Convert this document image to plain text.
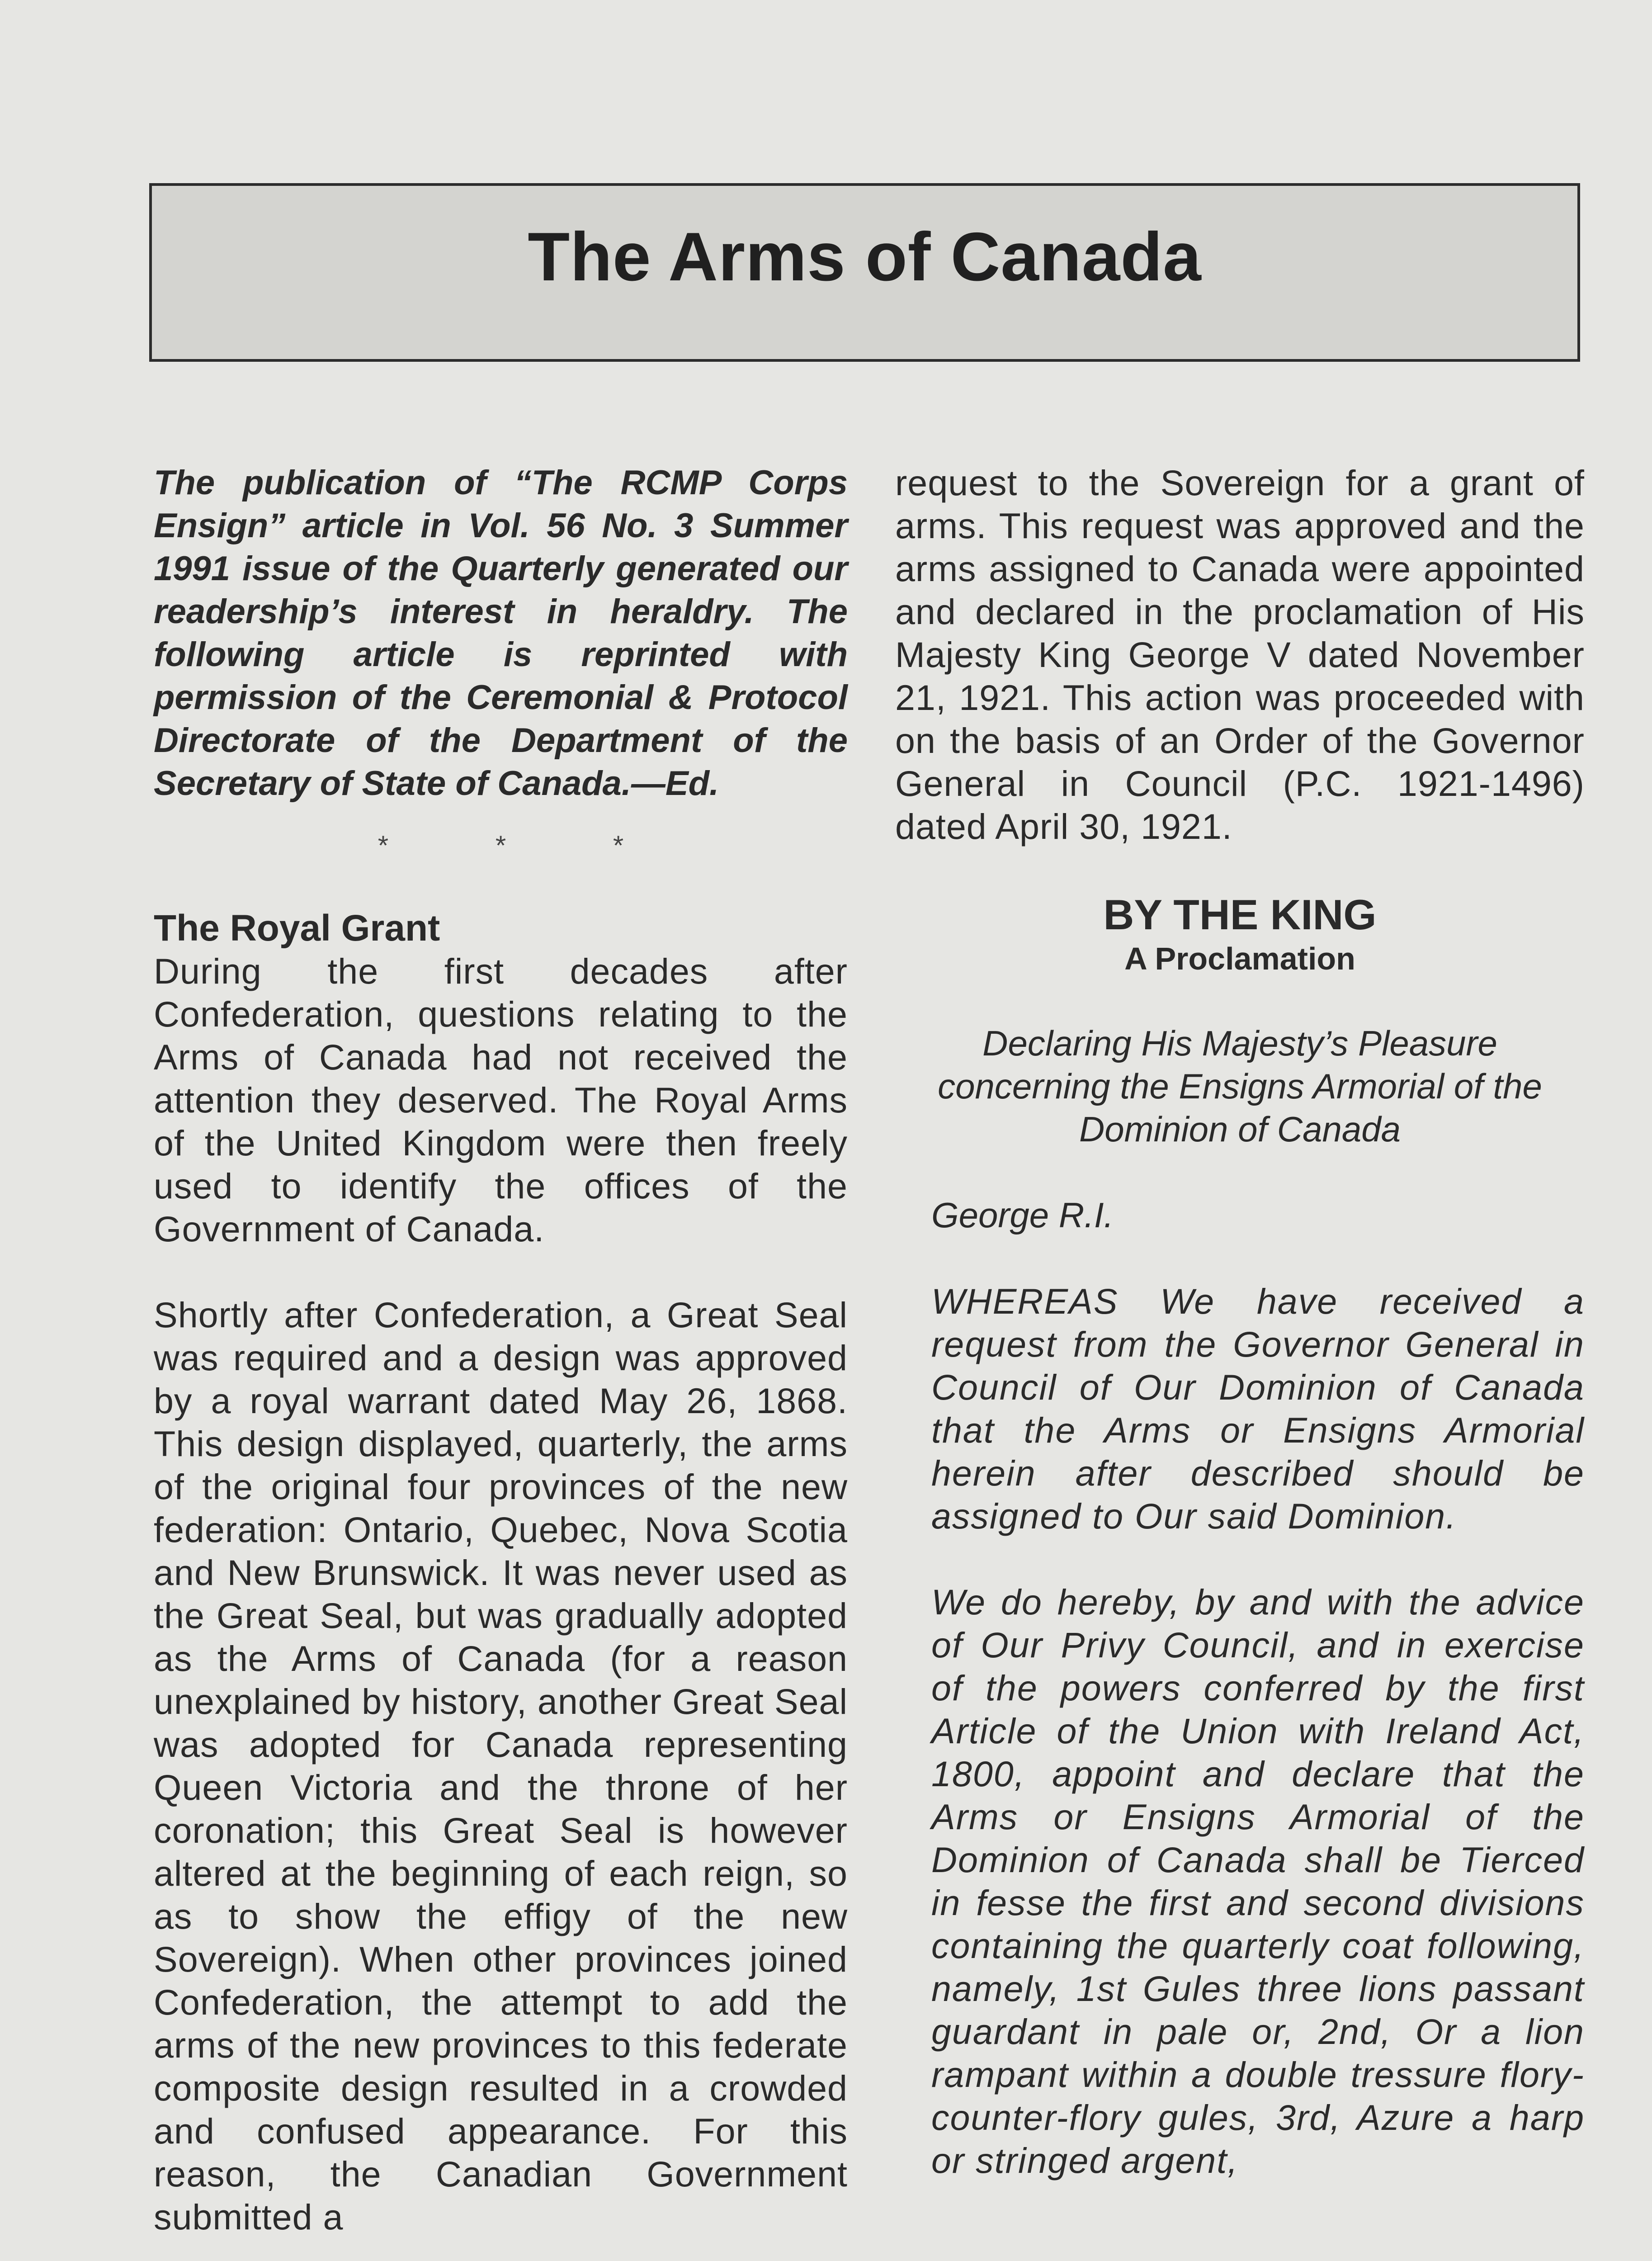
The Arms of Canada

The publication of “The RCMP Corps Ensign” article in Vol. 56 No. 3 Summer 1991 issue of the Quarterly generated our readership’s interest in heraldry. The following article is reprinted with permission of the Ceremonial & Protocol Directorate of the Department of the Secretary of State of Canada.—Ed.

* * *
The Royal Grant

During the first decades after Confederation, questions relating to the Arms of Canada had not received the attention they deserved. The Royal Arms of the United Kingdom were then freely used to identify the offices of the Government of Canada.

Shortly after Confederation, a Great Seal was required and a design was approved by a royal warrant dated May 26, 1868. This design displayed, quarterly, the arms of the original four provinces of the new federation: Ontario, Quebec, Nova Scotia and New Brunswick. It was never used as the Great Seal, but was gradually adopted as the Arms of Canada (for a reason unexplained by history, another Great Seal was adopted for Canada representing Queen Victoria and the throne of her coronation; this Great Seal is however altered at the beginning of each reign, so as to show the effigy of the new Sovereign). When other provinces joined Confederation, the attempt to add the arms of the new provinces to this federate composite design resulted in a crowded and confused appearance. For this reason, the Canadian Government submitted a

request to the Sovereign for a grant of arms. This request was approved and the arms assigned to Canada were appointed and declared in the proclamation of His Majesty King George V dated November 21, 1921. This action was proceeded with on the basis of an Order of the Governor General in Council (P.C. 1921-1496) dated April 30, 1921.

BY THE KING
A Proclamation

Declaring His Majesty’s Pleasure concerning the Ensigns Armorial of the Dominion of Canada

George R.I.

WHEREAS We have received a request from the Governor General in Council of Our Dominion of Canada that the Arms or Ensigns Armorial herein after described should be assigned to Our said Dominion.

We do hereby, by and with the advice of Our Privy Council, and in exercise of the powers conferred by the first Article of the Union with Ireland Act, 1800, appoint and declare that the Arms or Ensigns Armorial of the Dominion of Canada shall be Tierced in fesse the first and second divisions containing the quarterly coat following, namely, 1st Gules three lions passant guardant in pale or, 2nd, Or a lion rampant within a double tressure flory-counter-flory gules, 3rd, Azure a harp or stringed argent,
